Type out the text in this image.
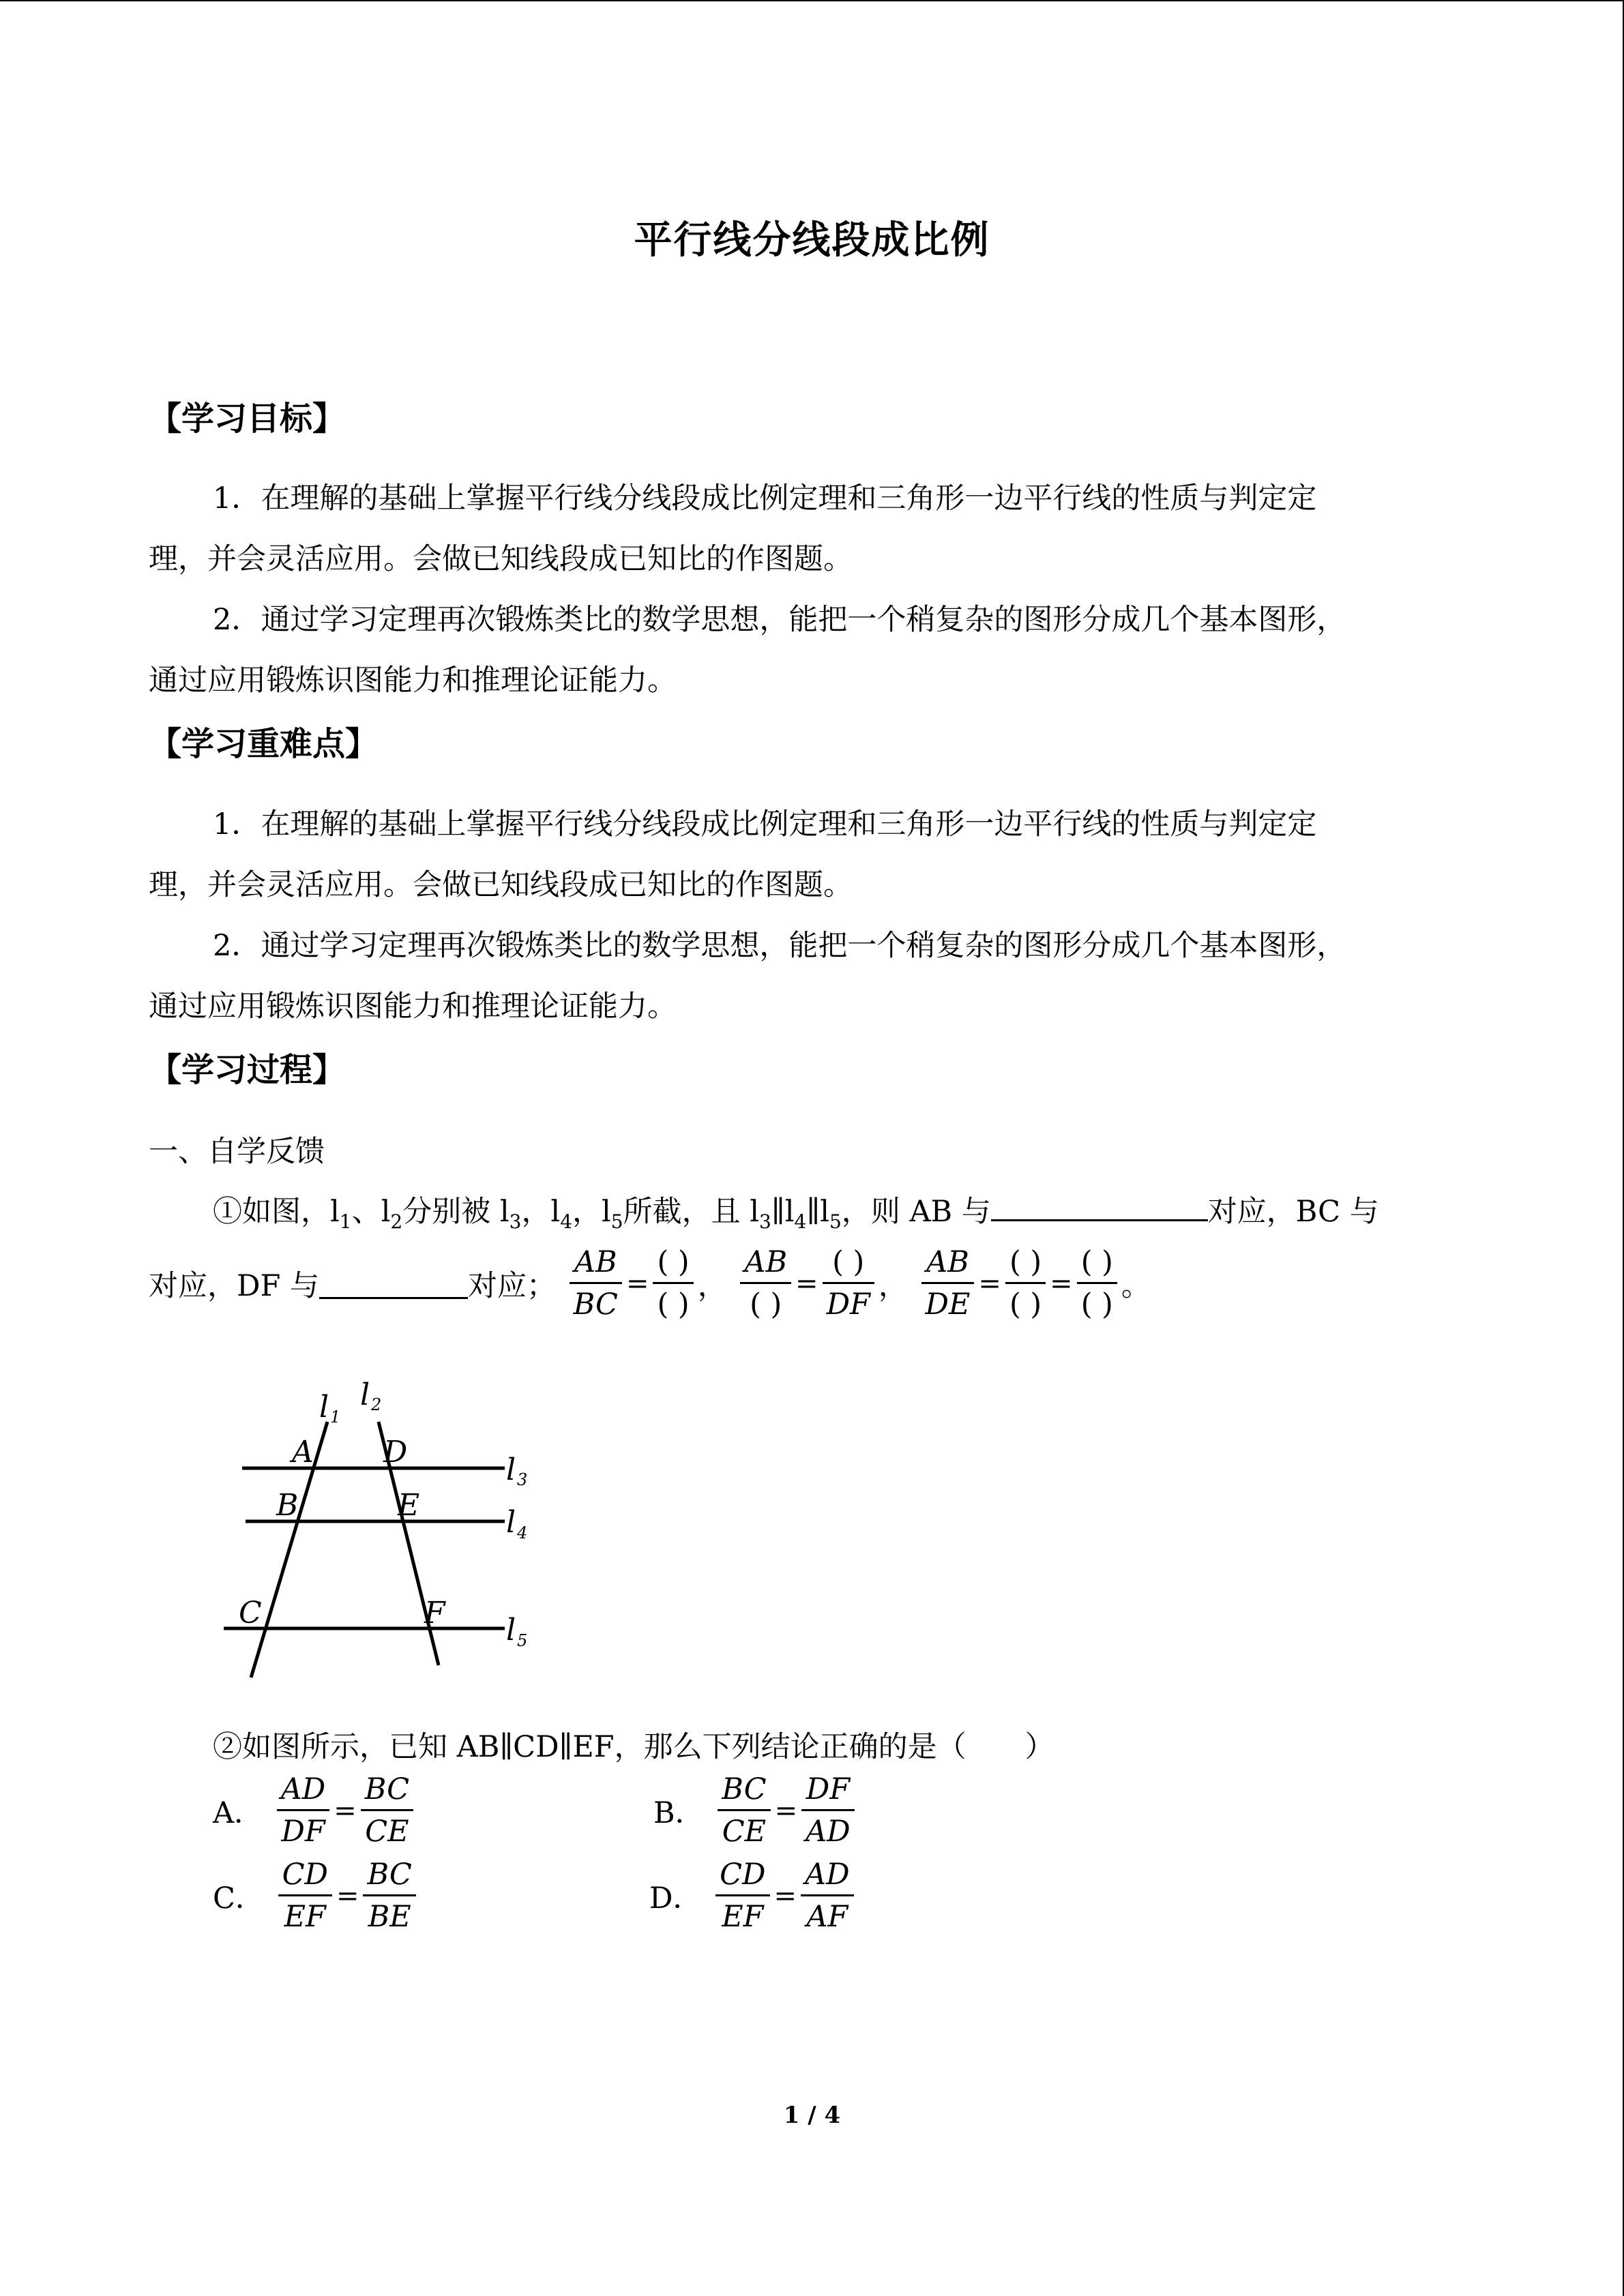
平行线分线段成比例
【学习目标】
1．在理解的基础上掌握平行线分线段成比例定理和三角形一边平行线的性质与判定定
理，并会灵活应用。会做已知线段成已知比的作图题。
2．通过学习定理再次锻炼类比的数学思想，能把一个稍复杂的图形分成几个基本图形，
通过应用锻炼识图能力和推理论证能力。
【学习重难点】
1．在理解的基础上掌握平行线分线段成比例定理和三角形一边平行线的性质与判定定
理，并会灵活应用。会做已知线段成已知比的作图题。
2．通过学习定理再次锻炼类比的数学思想，能把一个稍复杂的图形分成几个基本图形，
通过应用锻炼识图能力和推理论证能力。
【学习过程】
一、自学反馈
①如图，$l_1$、$l_2$分别被 $l_3$，$l_4$，$l_5$所截，且 $l_3\parallel l_4\parallel l_5$，则 AB 与	对应，BC 与
对应，DF 与	对应； $\frac{AB}{BC} = \frac{( )}{( )}$ ， $\frac{AB}{( )} = \frac{( )}{DF}$ ， $\frac{AB}{DE} = \frac{( )}{( )} = \frac{( )}{( )}$ 。
l 1
l 2
l 3
l 4
l 5
A
B
C
D
E
F
②如图所示，已知 AB∥CD∥EF，那么下列结论正确的是（　　）
A． $\frac{AD}{DF} = \frac{BC}{CE}$	B． $\frac{BC}{CE} = \frac{DF}{AD}$
C． $\frac{CD}{EF} = \frac{BC}{BE}$	D． $\frac{CD}{EF} = \frac{AD}{AF}$
1 / 4
